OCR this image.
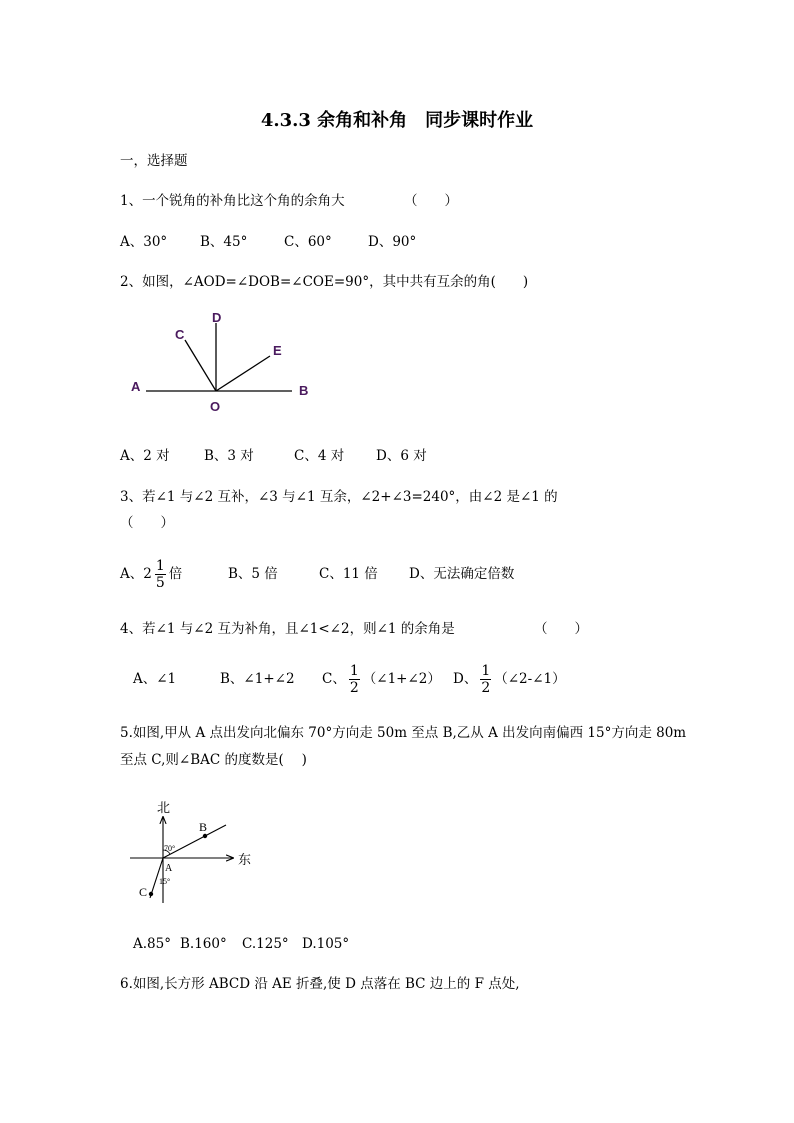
4.3.3 余角和补角　同步课时作业
一，选择题
1、一个锐角的补角比这个角的余角大	（　　）
A、30° B、45°	C、60°	D、90°
2、如图，∠AOD=∠DOB=∠COE=90°，其中共有互余的角(　　)
A	B
C
D
E
O
A、2 对	B、3 对	C、4 对 D、6 对
3、若∠1 与∠2 互补，∠3 与∠1 互余，∠2+∠3=240°，由∠2 是∠1 的
（　　）
A、$2 \frac{1}{5}$ 倍	B、5 倍	C、11 倍 D、无法确定倍数
4、若∠1 与∠2 互为补角，且∠1<∠2，则∠1 的余角是	（　　）
A、∠1	B、∠1+∠2 C、 $\frac{1}{2}$ （∠1+∠2） D、 $\frac{1}{2}$ （∠2-∠1）
5.如图,甲从 A 点出发向北偏东 70°方向走 50m 至点 B,乙从 A 出发向南偏西 15°方向走 80m
至点 C,则∠BAC 的度数是(　 )
北
东
B
A
C
70°
15°
A.85° B.160° C.125° D.105°
6.如图,长方形 ABCD 沿 AE 折叠,使 D 点落在 BC 边上的 F 点处,
